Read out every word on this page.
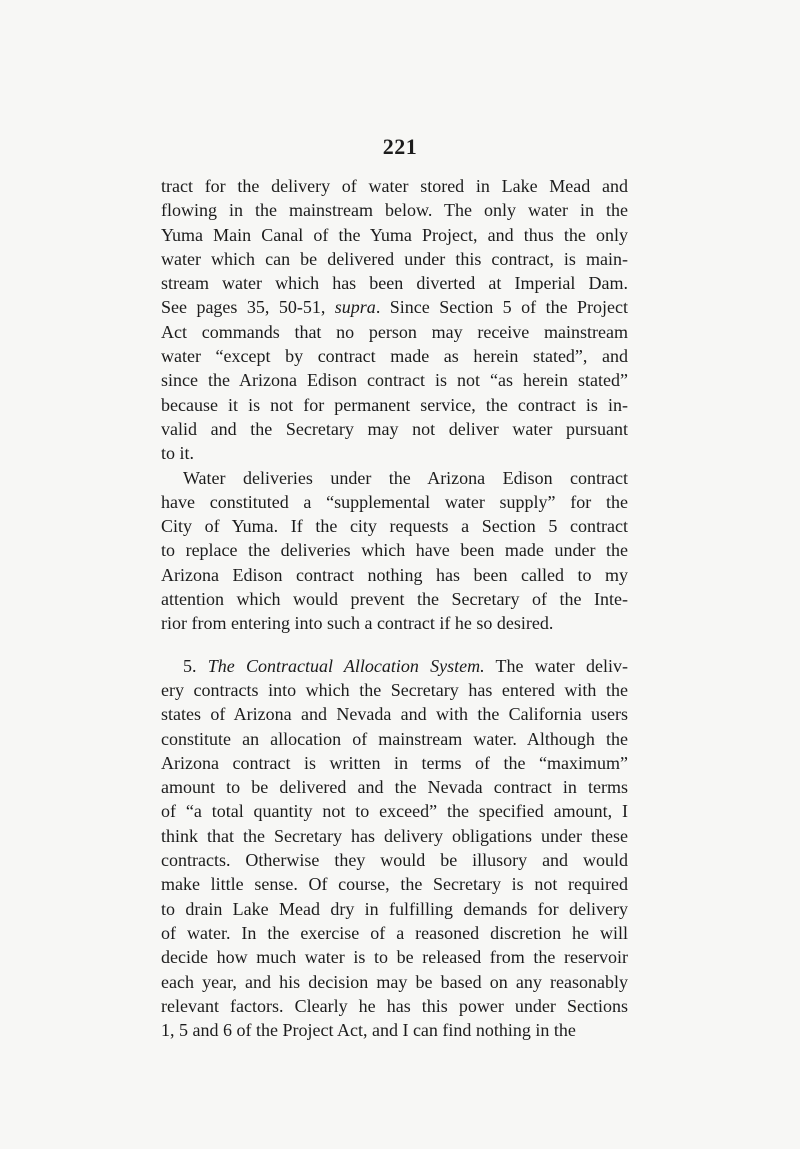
221
tract for the delivery of water stored in Lake Mead and
flowing in the mainstream below. The only water in the
Yuma Main Canal of the Yuma Project, and thus the only
water which can be delivered under this contract, is main-
stream water which has been diverted at Imperial Dam.
See pages 35, 50-51, supra. Since Section 5 of the Project
Act commands that no person may receive mainstream
water “except by contract made as herein stated”, and
since the Arizona Edison contract is not “as herein stated”
because it is not for permanent service, the contract is in-
valid and the Secretary may not deliver water pursuant
to it.
Water deliveries under the Arizona Edison contract
have constituted a “supplemental water supply” for the
City of Yuma. If the city requests a Section 5 contract
to replace the deliveries which have been made under the
Arizona Edison contract nothing has been called to my
attention which would prevent the Secretary of the Inte-
rior from entering into such a contract if he so desired.
5. The Contractual Allocation System. The water deliv-
ery contracts into which the Secretary has entered with the
states of Arizona and Nevada and with the California users
constitute an allocation of mainstream water. Although the
Arizona contract is written in terms of the “maximum”
amount to be delivered and the Nevada contract in terms
of “a total quantity not to exceed” the specified amount, I
think that the Secretary has delivery obligations under these
contracts. Otherwise they would be illusory and would
make little sense. Of course, the Secretary is not required
to drain Lake Mead dry in fulfilling demands for delivery
of water. In the exercise of a reasoned discretion he will
decide how much water is to be released from the reservoir
each year, and his decision may be based on any reasonably
relevant factors. Clearly he has this power under Sections
1, 5 and 6 of the Project Act, and I can find nothing in the
